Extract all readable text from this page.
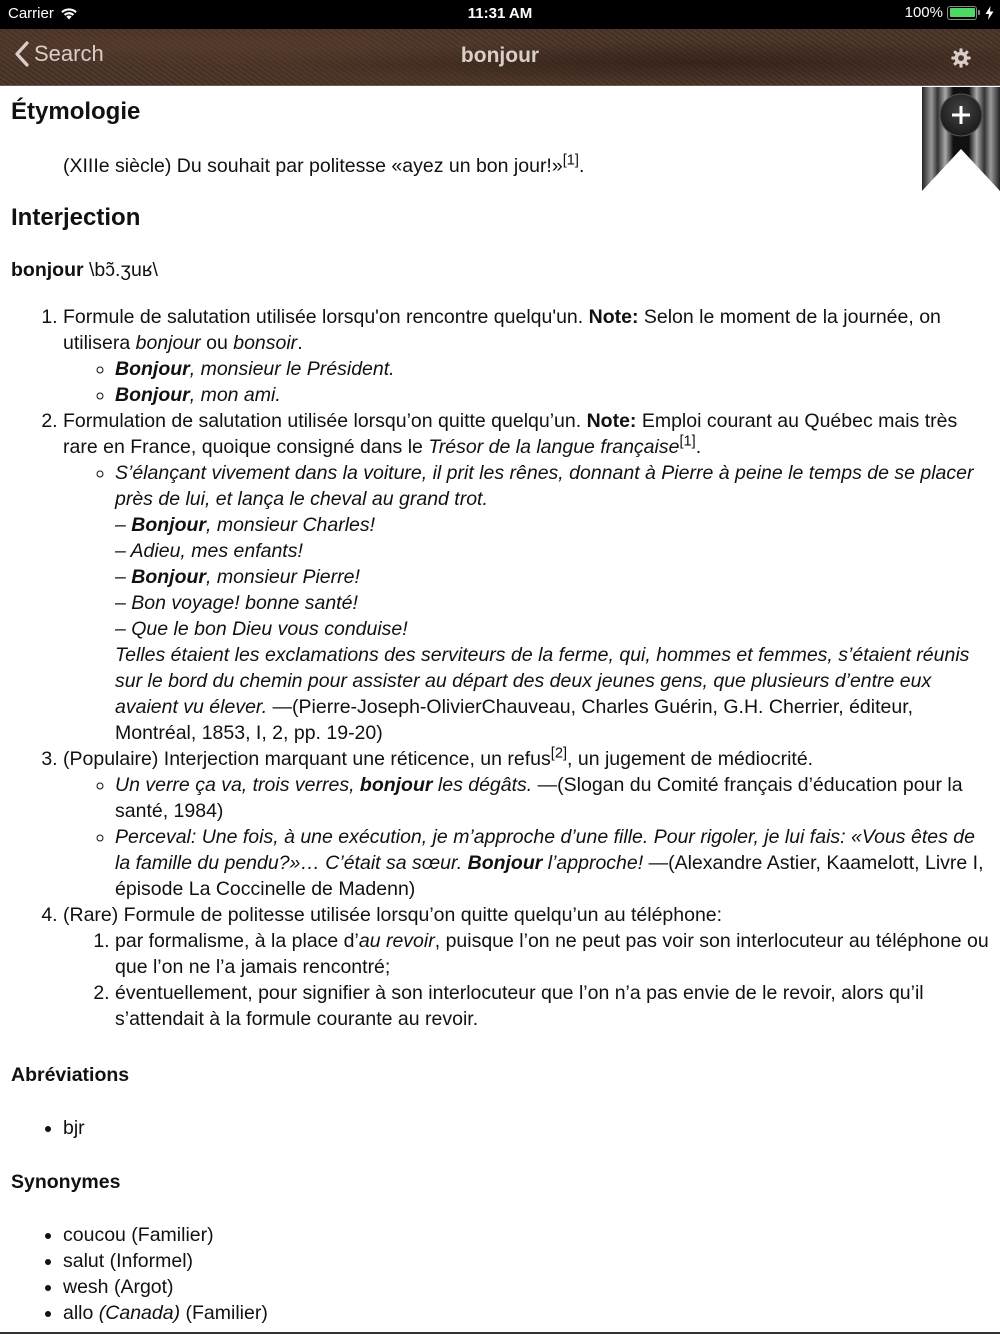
Carrier	11:31 AM	100%
Search	bonjour
Étymologie

(XIIIe siècle) Du souhait par politesse «ayez un bon jour!»[1].

Interjection

bonjour \bɔ̃.ʒuʁ\

1. Formule de salutation utilisée lorsqu'on rencontre quelqu'un. Note: Selon le moment de la journée, on utilisera bonjour ou bonsoir.
◦ Bonjour, monsieur le Président.
◦ Bonjour, mon ami.
2. Formulation de salutation utilisée lorsqu’on quitte quelqu’un. Note: Emploi courant au Québec mais très rare en France, quoique consigné dans le Trésor de la langue française[1].
◦ S’élançant vivement dans la voiture, il prit les rênes, donnant à Pierre à peine le temps de se placer près de lui, et lança le cheval au grand trot.
– Bonjour, monsieur Charles!
– Adieu, mes enfants!
– Bonjour, monsieur Pierre!
– Bon voyage! bonne santé!
– Que le bon Dieu vous conduise!
Telles étaient les exclamations des serviteurs de la ferme, qui, hommes et femmes, s’étaient réunis sur le bord du chemin pour assister au départ des deux jeunes gens, que plusieurs d’entre eux avaient vu élever. —(Pierre-Joseph-OlivierChauveau, Charles Guérin, G.H. Cherrier, éditeur, Montréal, 1853, I, 2, pp. 19-20)
3. (Populaire) Interjection marquant une réticence, un refus[2], un jugement de médiocrité.
◦ Un verre ça va, trois verres, bonjour les dégâts. —(Slogan du Comité français d’éducation pour la santé, 1984)
◦ Perceval: Une fois, à une exécution, je m’approche d’une fille. Pour rigoler, je lui fais: «Vous êtes de la famille du pendu?»… C’était sa sœur. Bonjour l’approche! —(Alexandre Astier, Kaamelott, Livre I, épisode La Coccinelle de Madenn)
4. (Rare) Formule de politesse utilisée lorsqu’on quitte quelqu’un au téléphone:
1. par formalisme, à la place d’au revoir, puisque l’on ne peut pas voir son interlocuteur au téléphone ou que l’on ne l’a jamais rencontré;
2. éventuellement, pour signifier à son interlocuteur que l’on n’a pas envie de le revoir, alors qu’il s’attendait à la formule courante au revoir.
Abréviations
• bjr
Synonymes
• coucou (Familier)
• salut (Informel)
• wesh (Argot)
• allo (Canada) (Familier)
